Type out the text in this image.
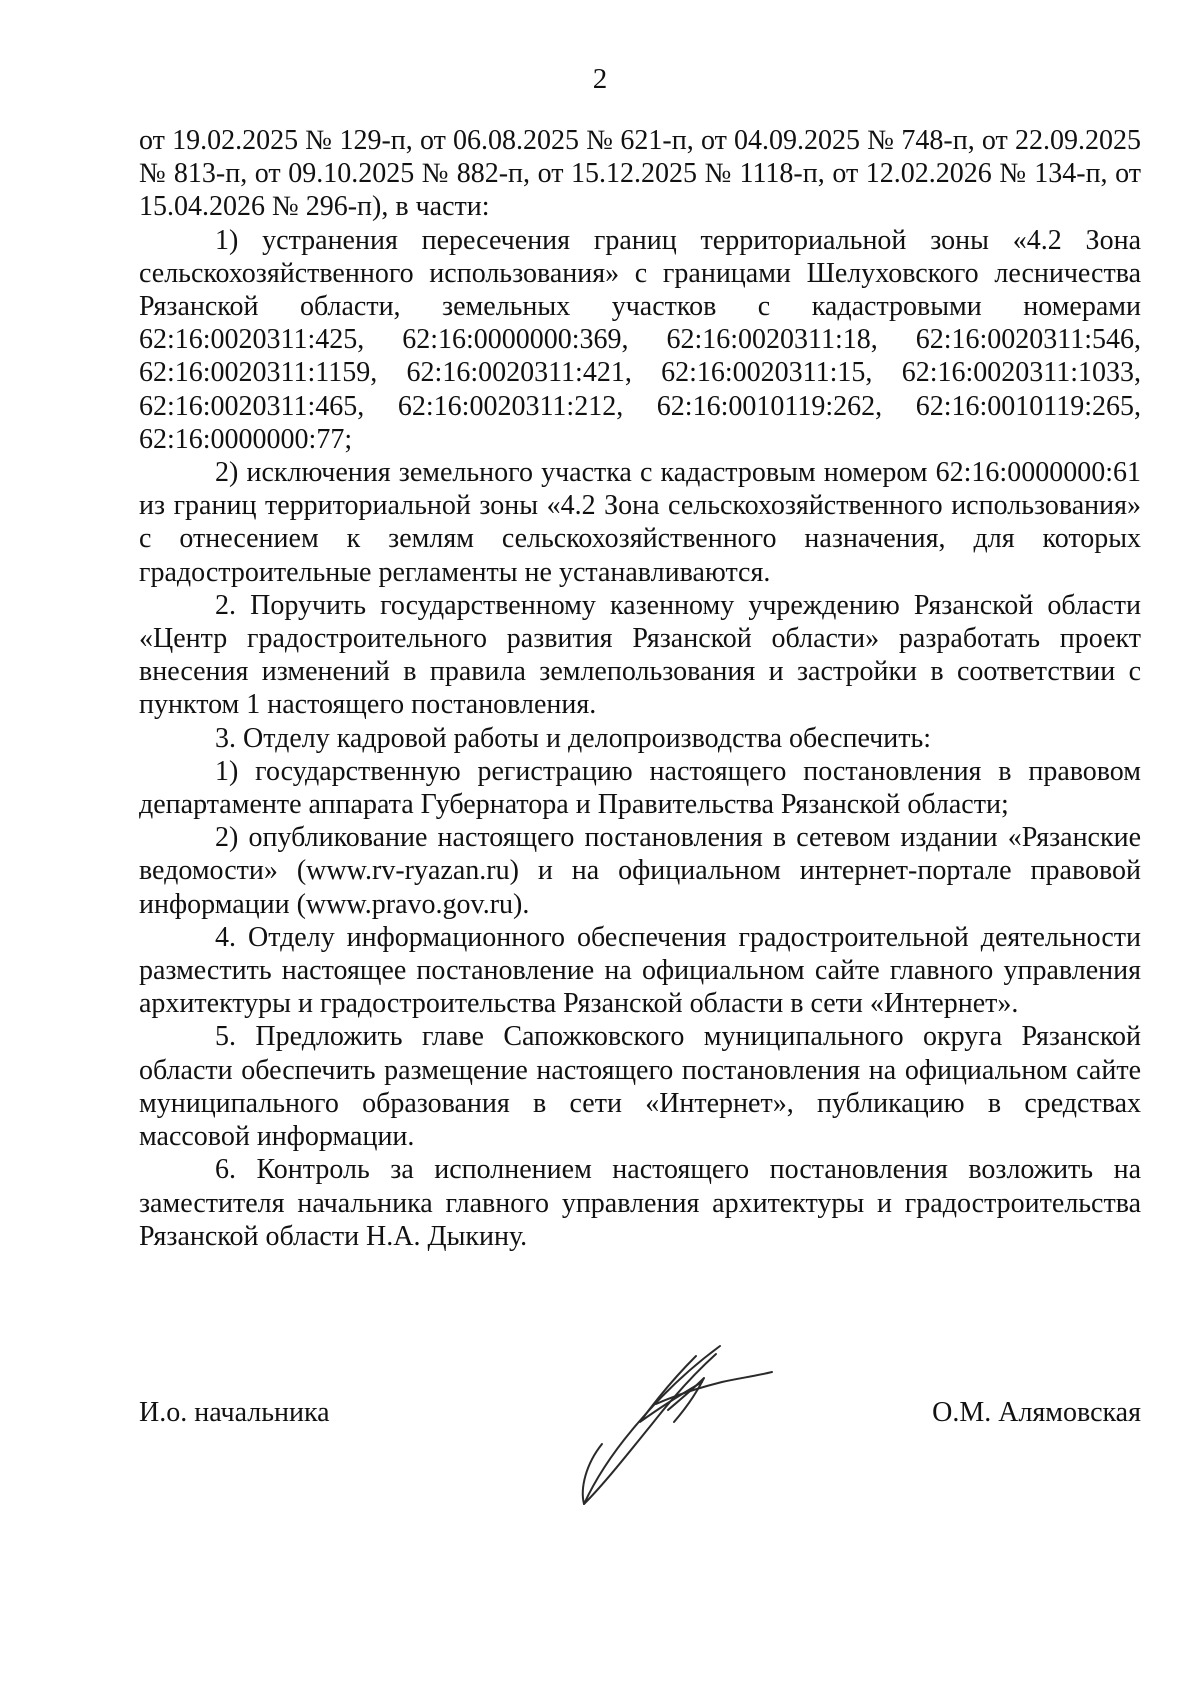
2

от 19.02.2025 № 129-п, от 06.08.2025 № 621-п, от 04.09.2025 № 748-п, от 22.09.2025 № 813-п, от 09.10.2025 № 882-п, от 15.12.2025 № 1118-п, от 12.02.2026 № 134-п, от 15.04.2026 № 296-п), в части:

1) устранения пересечения границ территориальной зоны «4.2 Зона сельскохозяйственного использования» с границами Шелуховского лесничества Рязанской области, земельных участков с кадастровыми номерами 62:16:0020311:425, 62:16:0000000:369, 62:16:0020311:18, 62:16:0020311:546, 62:16:0020311:1159, 62:16:0020311:421, 62:16:0020311:15, 62:16:0020311:1033, 62:16:0020311:465, 62:16:0020311:212, 62:16:0010119:262, 62:16:0010119:265, 62:16:0000000:77;

2) исключения земельного участка с кадастровым номером 62:16:0000000:61 из границ территориальной зоны «4.2 Зона сельскохозяйственного использования» с отнесением к землям сельскохозяйственного назначения, для которых градостроительные регламенты не устанавливаются.

2. Поручить государственному казенному учреждению Рязанской области «Центр градостроительного развития Рязанской области» разработать проект внесения изменений в правила землепользования и застройки в соответствии с пунктом 1 настоящего постановления.

3. Отделу кадровой работы и делопроизводства обеспечить:

1) государственную регистрацию настоящего постановления в правовом департаменте аппарата Губернатора и Правительства Рязанской области;

2) опубликование настоящего постановления в сетевом издании «Рязанские ведомости» (www.rv-ryazan.ru) и на официальном интернет-портале правовой информации (www.pravo.gov.ru).

4. Отделу информационного обеспечения градостроительной деятельности разместить настоящее постановление на официальном сайте главного управления архитектуры и градостроительства Рязанской области в сети «Интернет».

5. Предложить главе Сапожковского муниципального округа Рязанской области обеспечить размещение настоящего постановления на официальном сайте муниципального образования в сети «Интернет», публикацию в средствах массовой информации.

6. Контроль за исполнением настоящего постановления возложить на заместителя начальника главного управления архитектуры и градостроительства Рязанской области Н.А. Дыкину.

И.о. начальника	О.М. Алямовская
